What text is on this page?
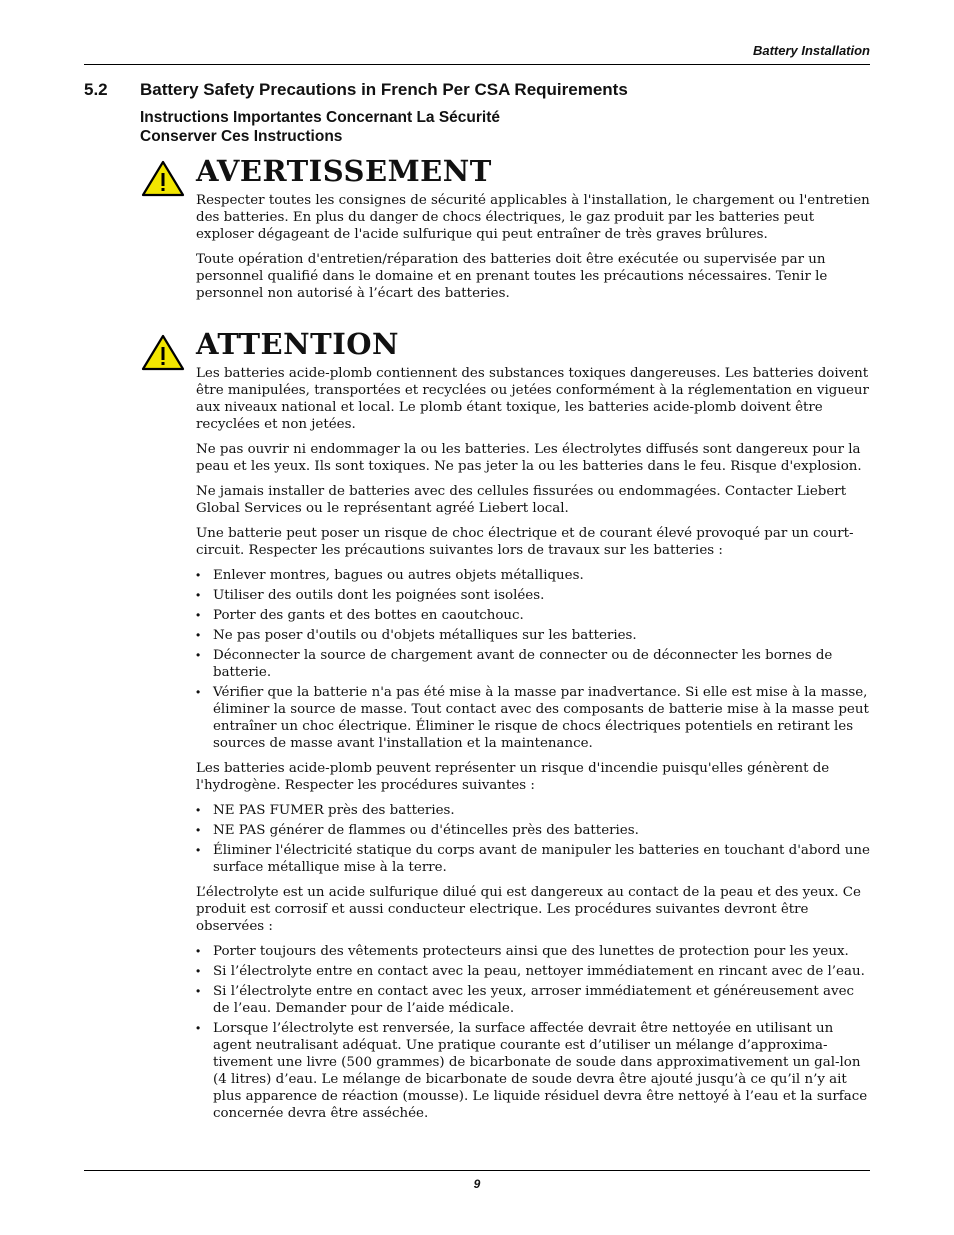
Battery Installation
5.2 Battery Safety Precautions in French Per CSA Requirements
Instructions Importantes Concernant La Sécurité
Conserver Ces Instructions
AVERTISSEMENT

Respecter toutes les consignes de sécurité applicables à l'installation, le chargement ou l'entretien des batteries. En plus du danger de chocs électriques, le gaz produit par les batteries peut exploser dégageant de l'acide sulfurique qui peut entraîner de très graves brûlures.

Toute opération d'entretien/réparation des batteries doit être exécutée ou supervisée par un personnel qualifié dans le domaine et en prenant toutes les précautions nécessaires. Tenir le personnel non autorisé à l’écart des batteries.

ATTENTION

Les batteries acide-plomb contiennent des substances toxiques dangereuses. Les batteries doivent être manipulées, transportées et recyclées ou jetées conformément à la réglementation en vigueur aux niveaux national et local. Le plomb étant toxique, les batteries acide-plomb doivent être recyclées et non jetées.

Ne pas ouvrir ni endommager la ou les batteries. Les électrolytes diffusés sont dangereux pour la peau et les yeux. Ils sont toxiques. Ne pas jeter la ou les batteries dans le feu. Risque d'explosion.

Ne jamais installer de batteries avec des cellules fissurées ou endommagées. Contacter Liebert Global Services ou le représentant agréé Liebert local.

Une batterie peut poser un risque de choc électrique et de courant élevé provoqué par un court-circuit. Respecter les précautions suivantes lors de travaux sur les batteries :

• Enlever montres, bagues ou autres objets métalliques.
• Utiliser des outils dont les poignées sont isolées.
• Porter des gants et des bottes en caoutchouc.
• Ne pas poser d'outils ou d'objets métalliques sur les batteries.
• Déconnecter la source de chargement avant de connecter ou de déconnecter les bornes de batterie.
• Vérifier que la batterie n'a pas été mise à la masse par inadvertance. Si elle est mise à la masse, éliminer la source de masse. Tout contact avec des composants de batterie mise à la masse peut entraîner un choc électrique. Éliminer le risque de chocs électriques potentiels en retirant les sources de masse avant l'installation et la maintenance.

Les batteries acide-plomb peuvent représenter un risque d'incendie puisqu'elles génèrent de l'hydrogène. Respecter les procédures suivantes :

• NE PAS FUMER près des batteries.
• NE PAS générer de flammes ou d'étincelles près des batteries.
• Éliminer l'électricité statique du corps avant de manipuler les batteries en touchant d'abord une surface métallique mise à la terre.

L’électrolyte est un acide sulfurique dilué qui est dangereux au contact de la peau et des yeux. Ce produit est corrosif et aussi conducteur electrique. Les procédures suivantes devront être observées :

• Porter toujours des vêtements protecteurs ainsi que des lunettes de protection pour les yeux.
• Si l’électrolyte entre en contact avec la peau, nettoyer immédiatement en rincant avec de l’eau.
• Si l’électrolyte entre en contact avec les yeux, arroser immédiatement et généreusement avec de l’eau. Demander pour de l’aide médicale.
• Lorsque l’électrolyte est renversée, la surface affectée devrait être nettoyée en utilisant un agent neutralisant adéquat. Une pratique courante est d’utiliser un mélange d’approxima-tivement une livre (500 grammes) de bicarbonate de soude dans approximativement un gal-lon (4 litres) d’eau. Le mélange de bicarbonate de soude devra être ajouté jusqu’à ce qu’il n’y ait plus apparence de réaction (mousse). Le liquide résiduel devra être nettoyé à l’eau et la surface concernée devra être asséchée.
9
